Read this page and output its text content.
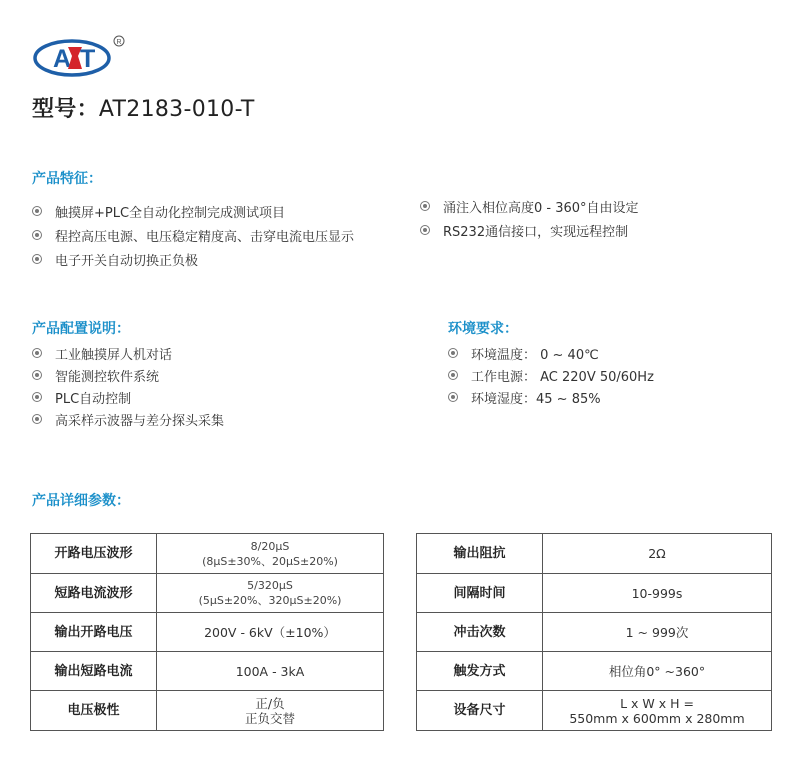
A T
R
型号：AT2183-010-T
产品特征：
触摸屏+PLC全自动化控制完成测试项目
程控高压电源、电压稳定精度高、击穿电流电压显示
电子开关自动切换正负极
涌注入相位高度0 - 360°自由设定
RS232通信接口，实现远程控制
产品配置说明：
工业触摸屏人机对话
智能测控软件系统
PLC自动控制
高采样示波器与差分探头采集
环境要求：
环境温度： 0 ~ 40℃
工作电源： AC 220V 50/60Hz
环境湿度：45 ~ 85%
产品详细参数：
开路电压波形	8/20µS
(8µS±30%、20µS±20%)

短路电流波形	5/320µS
(5µS±20%、320µS±20%)

输出开路电压	200V - 6kV（±10%）

输出短路电流	100A - 3kA

电压极性	正/负
正负交替
输出阻抗	2Ω

间隔时间	10-999s

冲击次数	1 ~ 999次

触发方式	相位角0° ~360°

设备尺寸	L x W x H =
550mm x 600mm x 280mm
